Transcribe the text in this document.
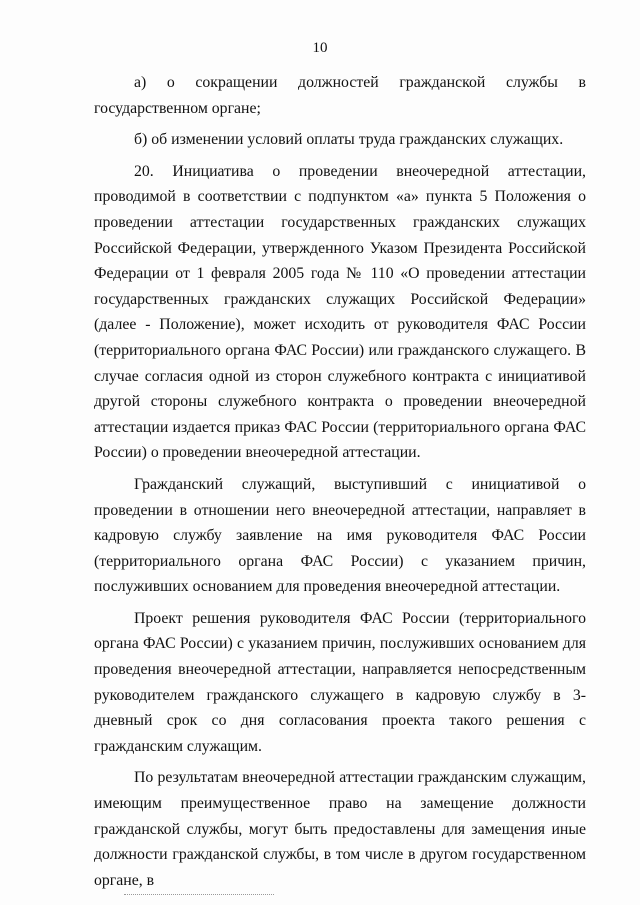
10

а) о сокращении должностей гражданской службы в государственном органе;

б) об изменении условий оплаты труда гражданских служащих.

20. Инициатива о проведении внеочередной аттестации, проводимой в соответствии с подпунктом «а» пункта 5 Положения о проведении аттестации государственных гражданских служащих Российской Федерации, утвержденного Указом Президента Российской Федерации от 1 февраля 2005 года № 110 «О проведении аттестации государственных гражданских служащих Российской Федерации» (далее - Положение), может исходить от руководителя ФАС России (территориального органа ФАС России) или гражданского служащего. В случае согласия одной из сторон служебного контракта с инициативой другой стороны служебного контракта о проведении внеочередной аттестации издается приказ ФАС России (территориального органа ФАС России) о проведении внеочередной аттестации.

Гражданский служащий, выступивший с инициативой о проведении в отношении него внеочередной аттестации, направляет в кадровую службу заявление на имя руководителя ФАС России (территориального органа ФАС России) с указанием причин, послуживших основанием для проведения внеочередной аттестации.

Проект решения руководителя ФАС России (территориального органа ФАС России) с указанием причин, послуживших основанием для проведения внеочередной аттестации, направляется непосредственным руководителем гражданского служащего в кадровую службу в 3-дневный срок со дня согласования проекта такого решения с гражданским служащим.

По результатам внеочередной аттестации гражданским служащим, имеющим преимущественное право на замещение должности гражданской службы, могут быть предоставлены для замещения иные должности гражданской службы, в том числе в другом государственном органе, в
